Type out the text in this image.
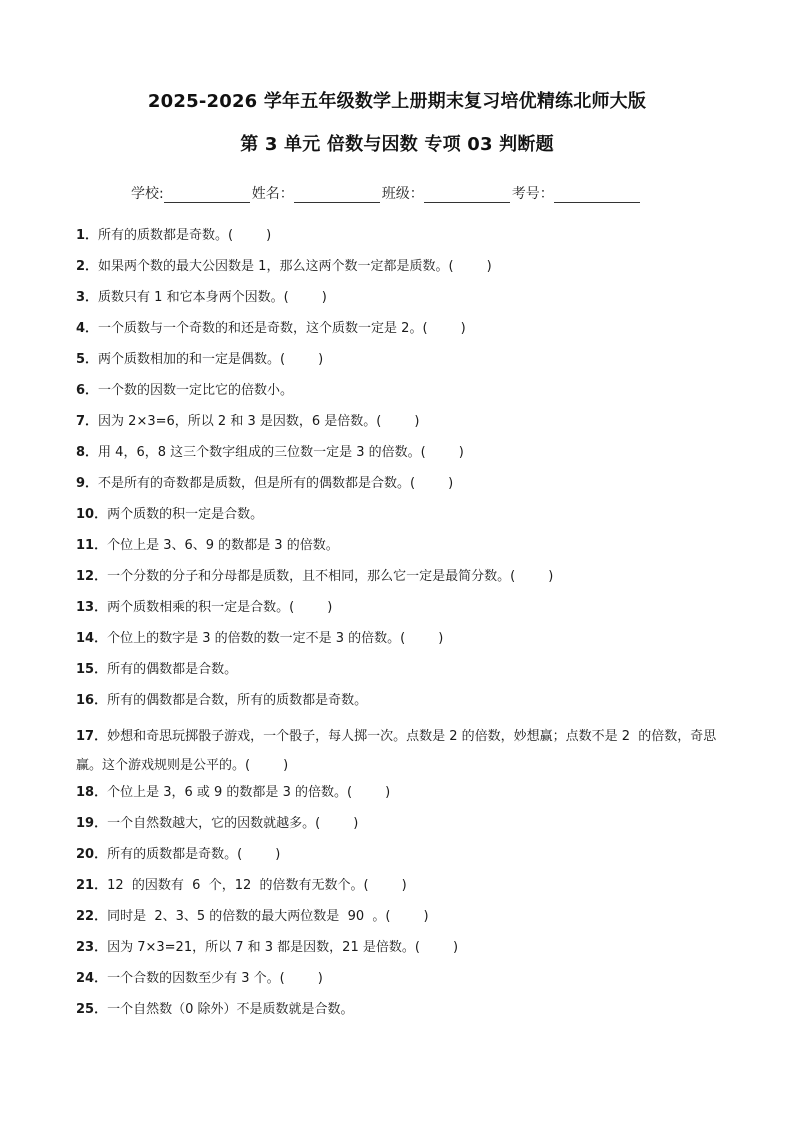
2025-2026 学年五年级数学上册期末复习培优精练北师大版
第 3 单元 倍数与因数 专项 03 判断题
学校:	姓名：	班级：	考号：
1．所有的质数都是奇数。(        )
2．如果两个数的最大公因数是 1，那么这两个数一定都是质数。(        )
3．质数只有 1 和它本身两个因数。(        )
4．一个质数与一个奇数的和还是奇数，这个质数一定是 2。(        )
5．两个质数相加的和一定是偶数。(        )
6．一个数的因数一定比它的倍数小。
7．因为 2×3=6，所以 2 和 3 是因数，6 是倍数。(        )
8．用 4，6，8 这三个数字组成的三位数一定是 3 的倍数。(        )
9．不是所有的奇数都是质数，但是所有的偶数都是合数。(        )
10．两个质数的积一定是合数。
11．个位上是 3、6、9 的数都是 3 的倍数。
12．一个分数的分子和分母都是质数，且不相同，那么它一定是最简分数。(        )
13．两个质数相乘的积一定是合数。(        )
14．个位上的数字是 3 的倍数的数一定不是 3 的倍数。(        )
15．所有的偶数都是合数。
16．所有的偶数都是合数，所有的质数都是奇数。
17．妙想和奇思玩掷骰子游戏，一个骰子，每人掷一次。点数是 2 的倍数，妙想赢；点数不是 2  的倍数，奇思赢。这个游戏规则是公平的。(        )
18．个位上是 3，6 或 9 的数都是 3 的倍数。(        )
19．一个自然数越大，它的因数就越多。(        )
20．所有的质数都是奇数。(        )
21．12  的因数有  6  个，12  的倍数有无数个。(        )
22．同时是  2、3、5 的倍数的最大两位数是  90  。(        )
23．因为 7×3=21，所以 7 和 3 都是因数，21 是倍数。(        )
24．一个合数的因数至少有 3 个。(        )
25．一个自然数（0 除外）不是质数就是合数。
